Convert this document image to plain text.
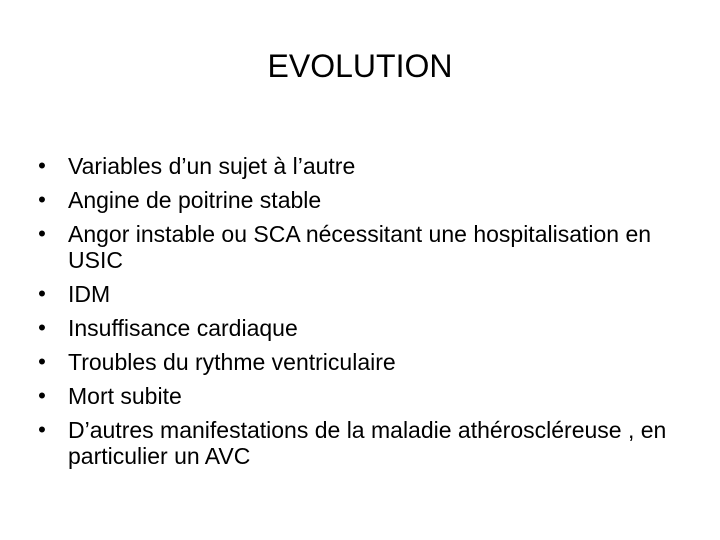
EVOLUTION
• Variables d’un sujet à l’autre
• Angine de poitrine stable
• Angor instable ou SCA nécessitant une hospitalisation en USIC
• IDM
• Insuffisance cardiaque
• Troubles du rythme ventriculaire
• Mort subite
• D’autres manifestations de la maladie athéroscléreuse , en particulier un AVC
